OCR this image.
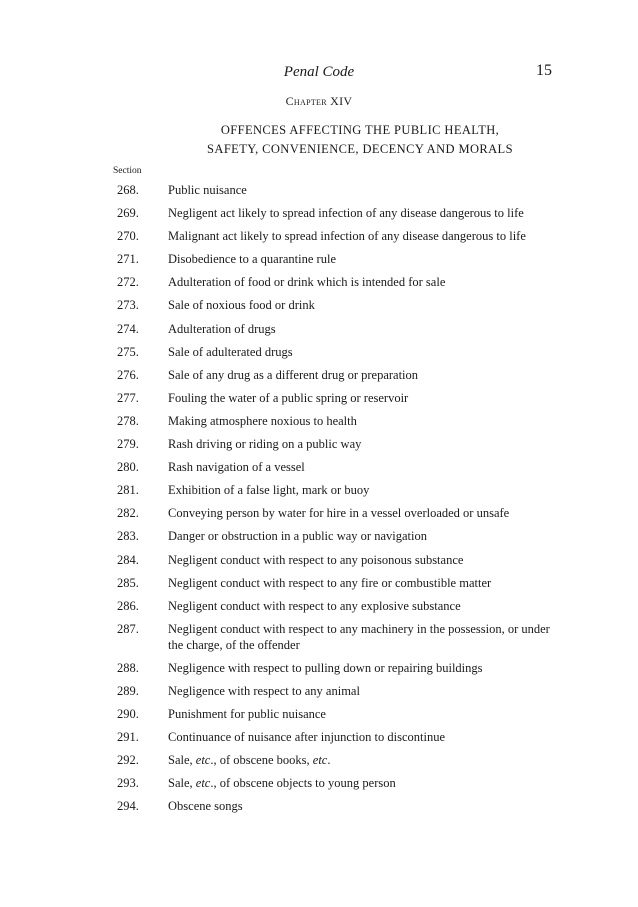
Penal Code	15
Chapter XIV
OFFENCES AFFECTING THE PUBLIC HEALTH,
SAFETY, CONVENIENCE, DECENCY AND MORALS
Section
268.	Public nuisance
269.	Negligent act likely to spread infection of any disease dangerous to life
270.	Malignant act likely to spread infection of any disease dangerous to life
271.	Disobedience to a quarantine rule
272.	Adulteration of food or drink which is intended for sale
273.	Sale of noxious food or drink
274.	Adulteration of drugs
275.	Sale of adulterated drugs
276.	Sale of any drug as a different drug or preparation
277.	Fouling the water of a public spring or reservoir
278.	Making atmosphere noxious to health
279.	Rash driving or riding on a public way
280.	Rash navigation of a vessel
281.	Exhibition of a false light, mark or buoy
282.	Conveying person by water for hire in a vessel overloaded or unsafe
283.	Danger or obstruction in a public way or navigation
284.	Negligent conduct with respect to any poisonous substance
285.	Negligent conduct with respect to any fire or combustible matter
286.	Negligent conduct with respect to any explosive substance
287.	Negligent conduct with respect to any machinery in the possession, or under the charge, of the offender
288.	Negligence with respect to pulling down or repairing buildings
289.	Negligence with respect to any animal
290.	Punishment for public nuisance
291.	Continuance of nuisance after injunction to discontinue
292.	Sale, etc., of obscene books, etc.
293.	Sale, etc., of obscene objects to young person
294.	Obscene songs
